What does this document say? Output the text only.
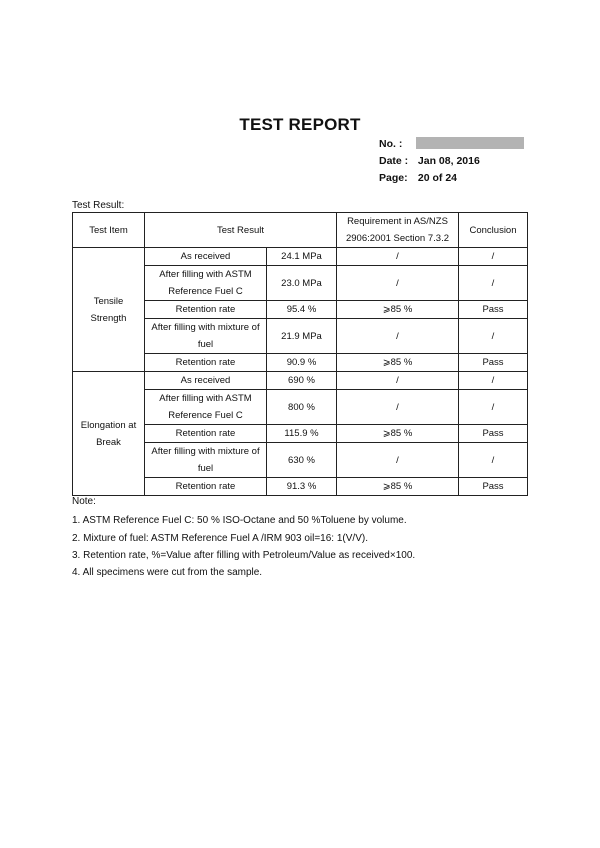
TEST REPORT
No. :
Date : Jan 08, 2016
Page: 20 of 24
Test Result:
Test Item	Test Result		Requirement in AS/NZS 2906:2001 Section 7.3.2	Conclusion
Tensile Strength	As received	24.1 MPa	/	/
	After filling with ASTM Reference Fuel C	23.0 MPa	/	/
	Retention rate	95.4 %	⩾85 %	Pass
	After filling with mixture of fuel	21.9 MPa	/	/
	Retention rate	90.9 %	⩾85 %	Pass
Elongation at Break	As received	690 %	/	/
	After filling with ASTM Reference Fuel C	800 %	/	/
	Retention rate	115.9 %	⩾85 %	Pass
	After filling with mixture of fuel	630 %	/	/
	Retention rate	91.3 %	⩾85 %	Pass
Note:
1. ASTM Reference Fuel C: 50 % ISO-Octane and 50 %Toluene by volume.
2. Mixture of fuel: ASTM Reference Fuel A /IRM 903 oil=16: 1(V/V).
3. Retention rate, %=Value after filling with Petroleum/Value as received×100.
4. All specimens were cut from the sample.
